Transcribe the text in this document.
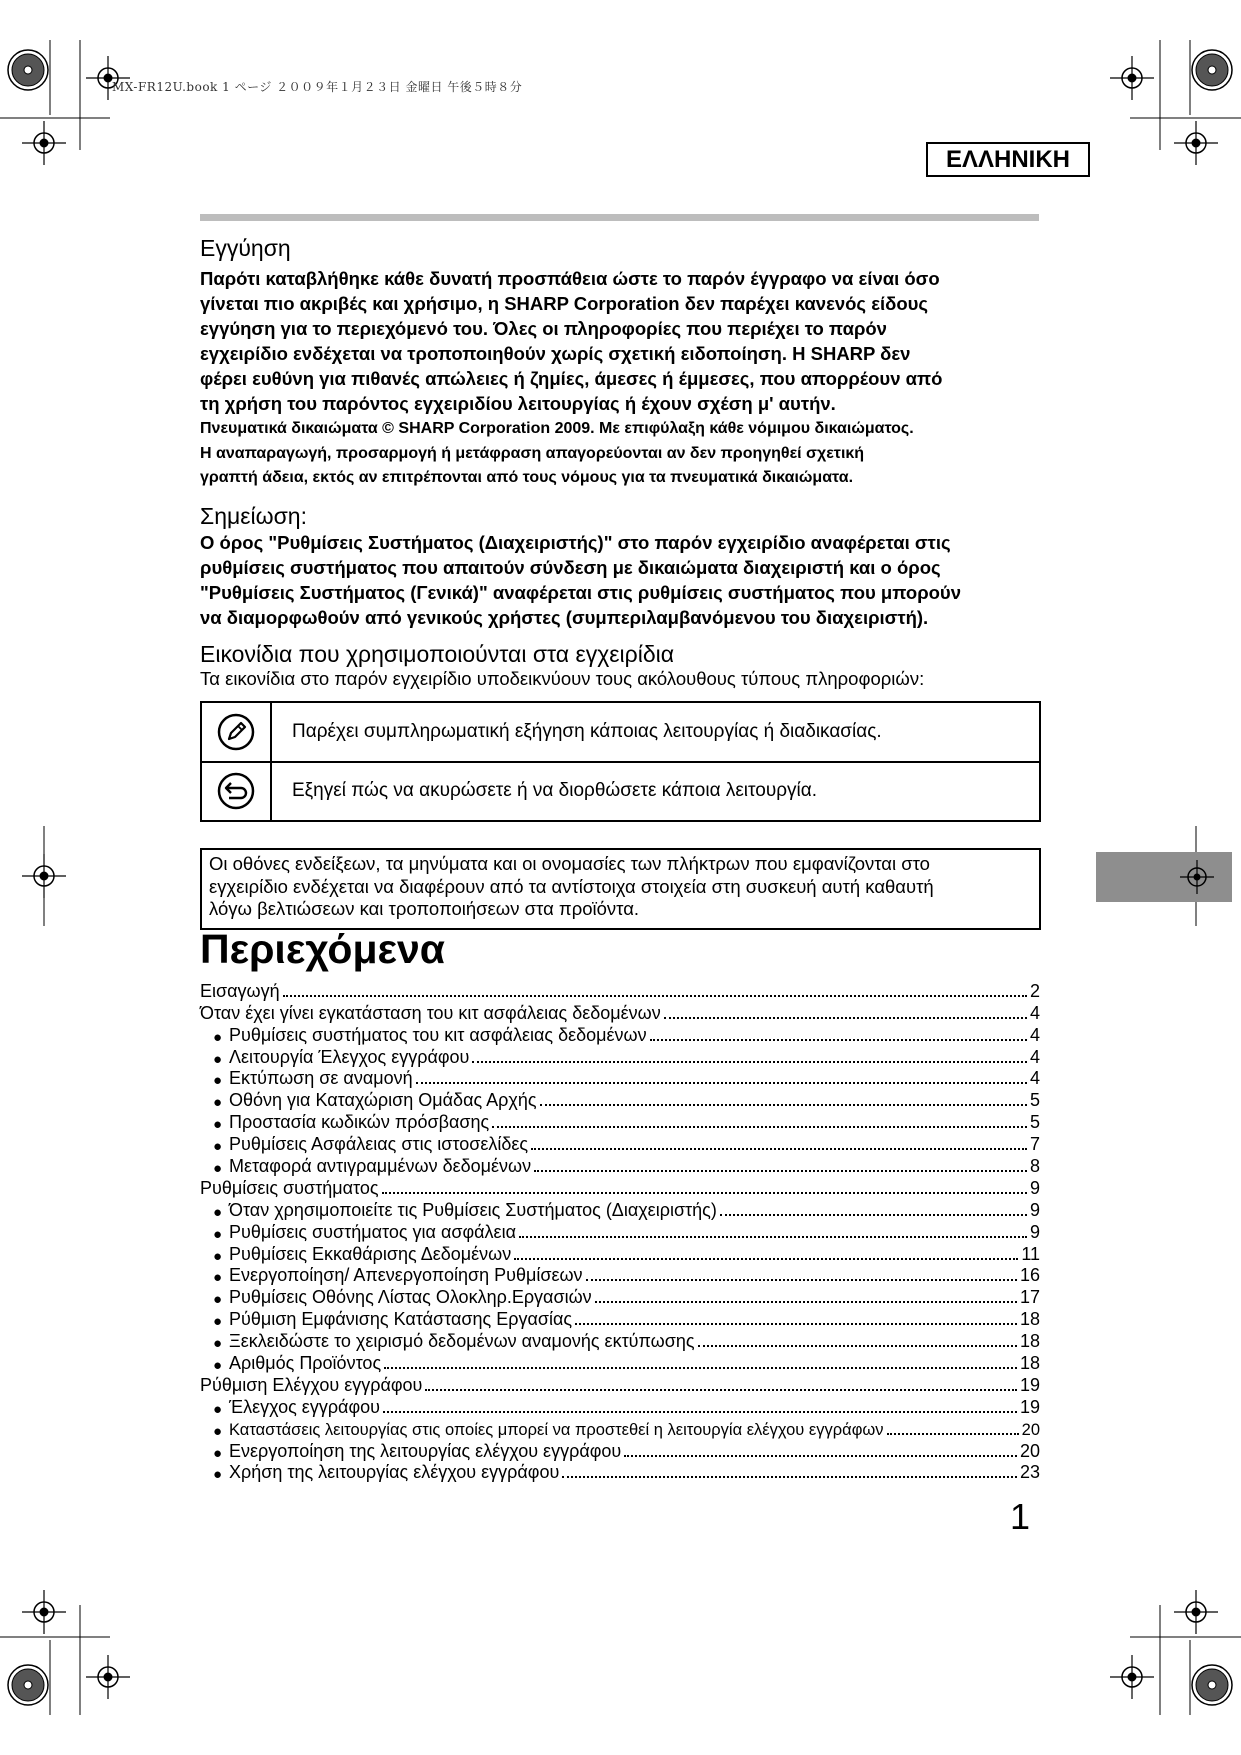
MX-FR12U.book 1 ページ ２００９年１月２３日 金曜日 午後５時８分
ΕΛΛΗΝΙΚΗ
Εγγύηση
Παρότι καταβλήθηκε κάθε δυνατή προσπάθεια ώστε το παρόν έγγραφο να είναι όσο
γίνεται πιο ακριβές και χρήσιμο, η SHARP Corporation δεν παρέχει κανενός είδους
εγγύηση για το περιεχόμενό του. Όλες οι πληροφορίες που περιέχει το παρόν
εγχειρίδιο ενδέχεται να τροποποιηθούν χωρίς σχετική ειδοποίηση. Η SHARP δεν
φέρει ευθύνη για πιθανές απώλειες ή ζημίες, άμεσες ή έμμεσες, που απορρέουν από
τη χρήση του παρόντος εγχειριδίου λειτουργίας ή έχουν σχέση μ' αυτήν.
Πνευματικά δικαιώματα © SHARP Corporation 2009. Με επιφύλαξη κάθε νόμιμου δικαιώματος.
Η αναπαραγωγή, προσαρμογή ή μετάφραση απαγορεύονται αν δεν προηγηθεί σχετική
γραπτή άδεια, εκτός αν επιτρέπονται από τους νόμους για τα πνευματικά δικαιώματα.
Σημείωση:
Ο όρος "Ρυθμίσεις Συστήματος (Διαχειριστής)" στο παρόν εγχειρίδιο αναφέρεται στις
ρυθμίσεις συστήματος που απαιτούν σύνδεση με δικαιώματα διαχειριστή και ο όρος
"Ρυθμίσεις Συστήματος (Γενικά)" αναφέρεται στις ρυθμίσεις συστήματος που μπορούν
να διαμορφωθούν από γενικούς χρήστες (συμπεριλαμβανόμενου του διαχειριστή).
Εικονίδια που χρησιμοποιούνται στα εγχειρίδια
Τα εικονίδια στο παρόν εγχειρίδιο υποδεικνύουν τους ακόλουθους τύπους πληροφοριών:
Παρέχει συμπληρωματική εξήγηση κάποιας λειτουργίας ή διαδικασίας.
Εξηγεί πώς να ακυρώσετε ή να διορθώσετε κάποια λειτουργία.
Οι οθόνες ενδείξεων, τα μηνύματα και οι ονομασίες των πλήκτρων που εμφανίζονται στο
εγχειρίδιο ενδέχεται να διαφέρουν από τα αντίστοιχα στοιχεία στη συσκευή αυτή καθαυτή
λόγω βελτιώσεων και τροποποιήσεων στα προϊόντα.
Περιεχόμενα
Εισαγωγή	2
Όταν έχει γίνει εγκατάσταση του κιτ ασφάλειας δεδομένων	4
● Ρυθμίσεις συστήματος του κιτ ασφάλειας δεδομένων	4
● Λειτουργία Έλεγχος εγγράφου	4
● Εκτύπωση σε αναμονή	4
● Οθόνη για Καταχώριση Ομάδας Αρχής	5
● Προστασία κωδικών πρόσβασης	5
● Ρυθμίσεις Ασφάλειας στις ιστοσελίδες	7
● Μεταφορά αντιγραμμένων δεδομένων	8
Ρυθμίσεις συστήματος	9
● Όταν χρησιμοποιείτε τις Ρυθμίσεις Συστήματος (Διαχειριστής)	9
● Ρυθμίσεις συστήματος για ασφάλεια	9
● Ρυθμίσεις Εκκαθάρισης Δεδομένων	11
● Ενεργοποίηση/ Απενεργοποίηση Ρυθμίσεων	16
● Ρυθμίσεις Οθόνης Λίστας Ολοκληρ.Εργασιών	17
● Ρύθμιση Εμφάνισης Κατάστασης Εργασίας	18
● Ξεκλειδώστε το χειρισμό δεδομένων αναμονής εκτύπωσης	18
● Αριθμός Προϊόντος	18
Ρύθμιση Ελέγχου εγγράφου	19
● Έλεγχος εγγράφου	19
● Καταστάσεις λειτουργίας στις οποίες μπορεί να προστεθεί η λειτουργία ελέγχου εγγράφων	20
● Ενεργοποίηση της λειτουργίας ελέγχου εγγράφου	20
● Χρήση της λειτουργίας ελέγχου εγγράφου	23
1
